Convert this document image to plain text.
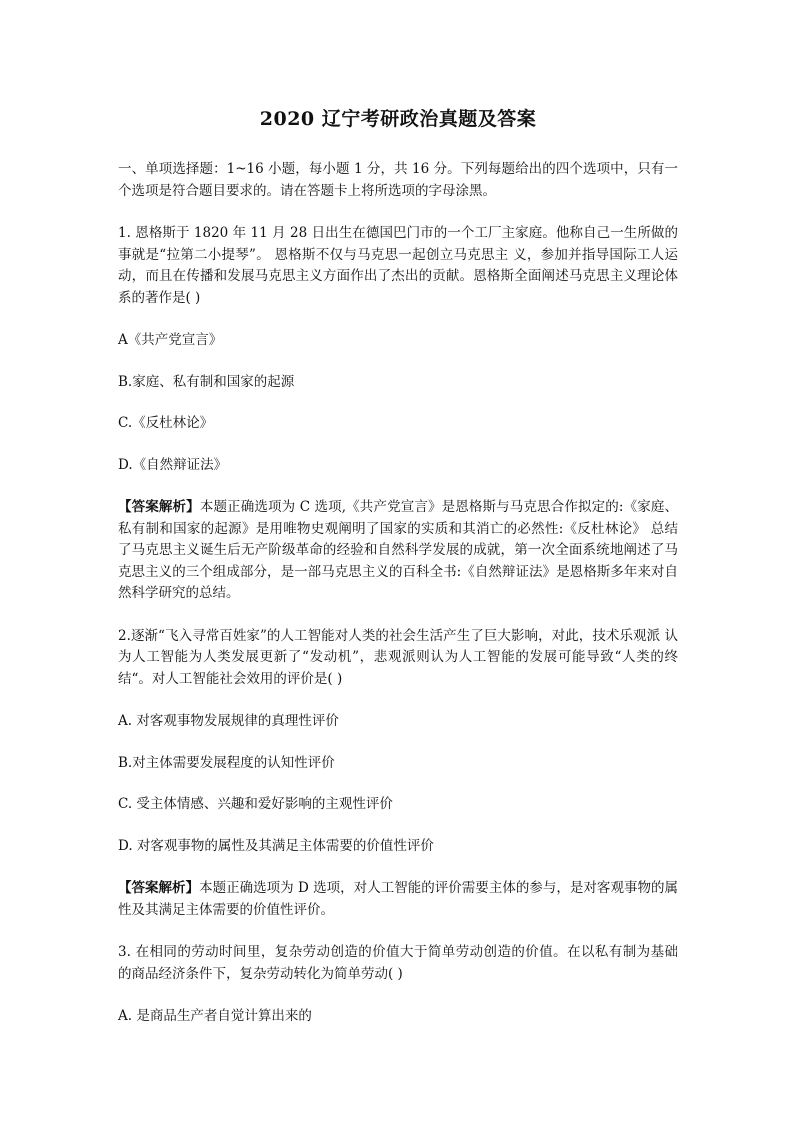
2020 辽宁考研政治真题及答案

一、单项选择题：1~16 小题，每小题 1 分，共 16 分。下列每题给出的四个选项中，只有一个选项是符合题目要求的。请在答题卡上将所选项的字母涂黑。

1. 恩格斯于 1820 年 11 月 28 日出生在德国巴门市的一个工厂主家庭。他称自己一生所做的事就是“拉第二小提琴”。 恩格斯不仅与马克思一起创立马克思主 义，参加并指导国际工人运动，而且在传播和发展马克思主义方面作出了杰出的贡献。恩格斯全面阐述马克思主义理论体系的著作是( )

A《共产党宣言》

B.家庭、私有制和国家的起源

C.《反杜林论》

D.《自然辩证法》

【答案解析】本题正确选项为 C 选项,《共产党宣言》是恩格斯与马克思合作拟定的:《家庭、私有制和国家的起源》是用唯物史观阐明了国家的实质和其消亡的必然性:《反杜林论》 总结了马克思主义诞生后无产阶级革命的经验和自然科学发展的成就，第一次全面系统地阐述了马克思主义的三个组成部分，是一部马克思主义的百科全书:《自然辩证法》是恩格斯多年来对自然科学研究的总结。

2.逐渐“飞入寻常百姓家”的人工智能对人类的社会生活产生了巨大影响，对此，技术乐观派 认为人工智能为人类发展更新了“发动机”，悲观派则认为人工智能的发展可能导致“人类的终结“。对人工智能社会效用的评价是( )

A. 对客观事物发展规律的真理性评价

B.对主体需要发展程度的认知性评价

C. 受主体情感、兴趣和爱好影响的主观性评价

D. 对客观事物的属性及其满足主体需要的价值性评价

【答案解析】本题正确选项为 D 选项，对人工智能的评价需要主体的参与，是对客观事物的属性及其满足主体需要的价值性评价。

3. 在相同的劳动时间里，复杂劳动创造的价值大于简单劳动创造的价值。在以私有制为基础 的商品经济条件下，复杂劳动转化为简单劳动( )

A. 是商品生产者自觉计算出来的
